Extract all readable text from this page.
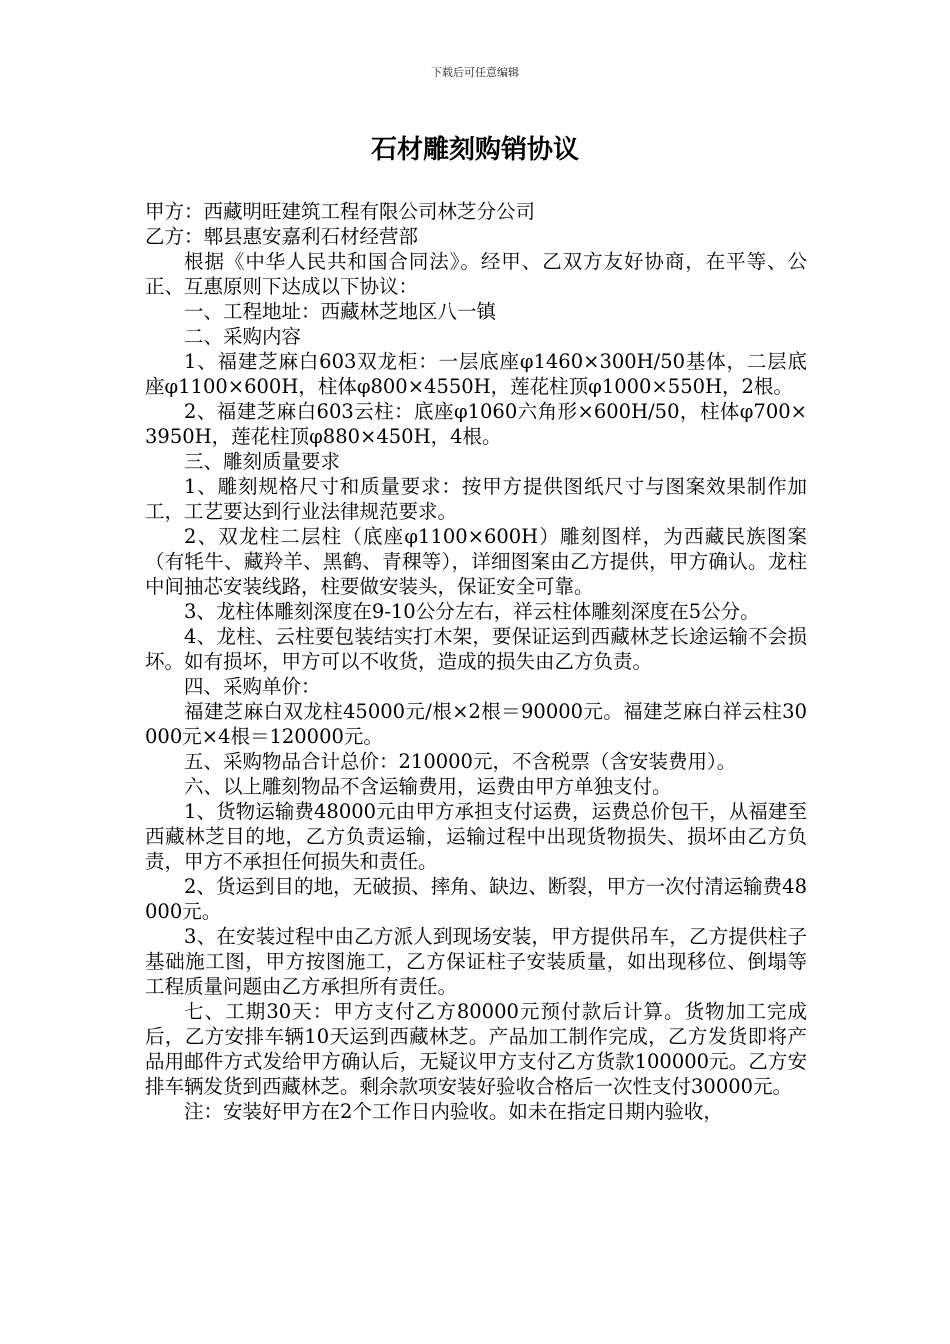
下载后可任意编辑
石材雕刻购销协议

甲方：西藏明旺建筑工程有限公司林芝分公司

乙方：郫县惠安嘉利石材经营部

根据《中华人民共和国合同法》。经甲、乙双方友好协商，在平等、公正、互惠原则下达成以下协议：

一、工程地址：西藏林芝地区八一镇

二、采购内容

1、福建芝麻白603双龙柜：一层底座φ1460×300H/50基体，二层底座φ1100×600H，柱体φ800×4550H，莲花柱顶φ1000×550H，2根。

2、福建芝麻白603云柱：底座φ1060六角形×600H/50，柱体φ700×3950H，莲花柱顶φ880×450H，4根。

三、雕刻质量要求

1、雕刻规格尺寸和质量要求：按甲方提供图纸尺寸与图案效果制作加工，工艺要达到行业法律规范要求。

2、双龙柱二层柱（底座φ1100×600H）雕刻图样，为西藏民族图案（有牦牛、藏羚羊、黑鹤、青稞等），详细图案由乙方提供，甲方确认。龙柱中间抽芯安装线路，柱要做安装头，保证安全可靠。

3、龙柱体雕刻深度在9-10公分左右，祥云柱体雕刻深度在5公分。

4、龙柱、云柱要包装结实打木架，要保证运到西藏林芝长途运输不会损坏。如有损坏，甲方可以不收货，造成的损失由乙方负责。

四、采购单价：

福建芝麻白双龙柱45000元/根×2根＝90000元。福建芝麻白祥云柱30000元×4根＝120000元。

五、采购物品合计总价：210000元，不含税票（含安装费用）。

六、以上雕刻物品不含运输费用，运费由甲方单独支付。

1、货物运输费48000元由甲方承担支付运费，运费总价包干，从福建至西藏林芝目的地，乙方负责运输，运输过程中出现货物损失、损坏由乙方负责，甲方不承担任何损失和责任。

2、货运到目的地，无破损、摔角、缺边、断裂，甲方一次付清运输费48000元。

3、在安装过程中由乙方派人到现场安装，甲方提供吊车，乙方提供柱子基础施工图，甲方按图施工，乙方保证柱子安装质量，如出现移位、倒塌等工程质量问题由乙方承担所有责任。

七、工期30天：甲方支付乙方80000元预付款后计算。货物加工完成后，乙方安排车辆10天运到西藏林芝。产品加工制作完成，乙方发货即将产品用邮件方式发给甲方确认后，无疑议甲方支付乙方货款100000元。乙方安排车辆发货到西藏林芝。剩余款项安装好验收合格后一次性支付30000元。

注：安装好甲方在2个工作日内验收。如未在指定日期内验收，
